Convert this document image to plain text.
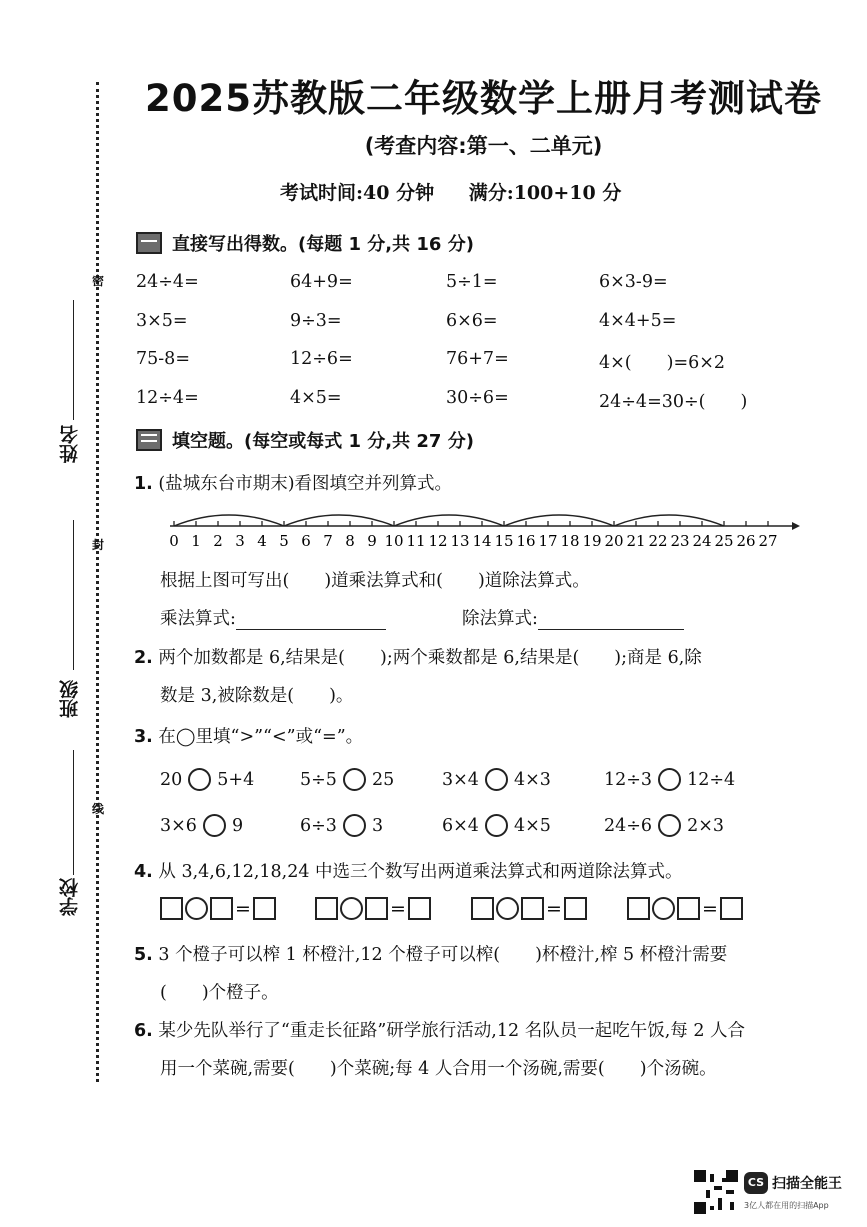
密
封
线
姓名
班级
学校
2025苏教版二年级数学上册月考测试卷
(考查内容:第一、二单元)
考试时间:40 分钟 满分:100+10 分
直接写出得数。(每题 1 分,共 16 分)
24÷4=	64+9=	5÷1=	6×3-9=
3×5=	9÷3=	6×6=	4×4+5=
75-8=	12÷6=	76+7=	4×(　　)=6×2
12÷4=	4×5=	30÷6=	24÷4=30÷(　　)
填空题。(每空或每式 1 分,共 27 分)
1. (盐城东台市期末)看图填空并列算式。
0 1 2 3 4 5 6 7 8 9 10 11 12 13 14 15 16 17 18 19 20 21 22 23 24 25 26 27
根据上图可写出(　　)道乘法算式和(　　)道除法算式。
乘法算式:	除法算式:
2. 两个加数都是 6,结果是(　　);两个乘数都是 6,结果是(　　);商是 6,除
数是 3,被除数是(　　)。
3. 在◯里填“>”“<”或“=”。
20 5+4	5÷5 25	3×4 4×3	12÷3 12÷4
3×6 9	6÷3 3	6×4 4×5	24÷6 2×3
4. 从 3,4,6,12,18,24 中选三个数写出两道乘法算式和两道除法算式。
=	=	=	=
5. 3 个橙子可以榨 1 杯橙汁,12 个橙子可以榨(　　)杯橙汁,榨 5 杯橙汁需要
(　　)个橙子。
6. 某少先队举行了“重走长征路”研学旅行活动,12 名队员一起吃午饭,每 2 人合
用一个菜碗,需要(　　)个菜碗;每 4 人合用一个汤碗,需要(　　)个汤碗。
CS 扫描全能王
3亿人都在用的扫描App
